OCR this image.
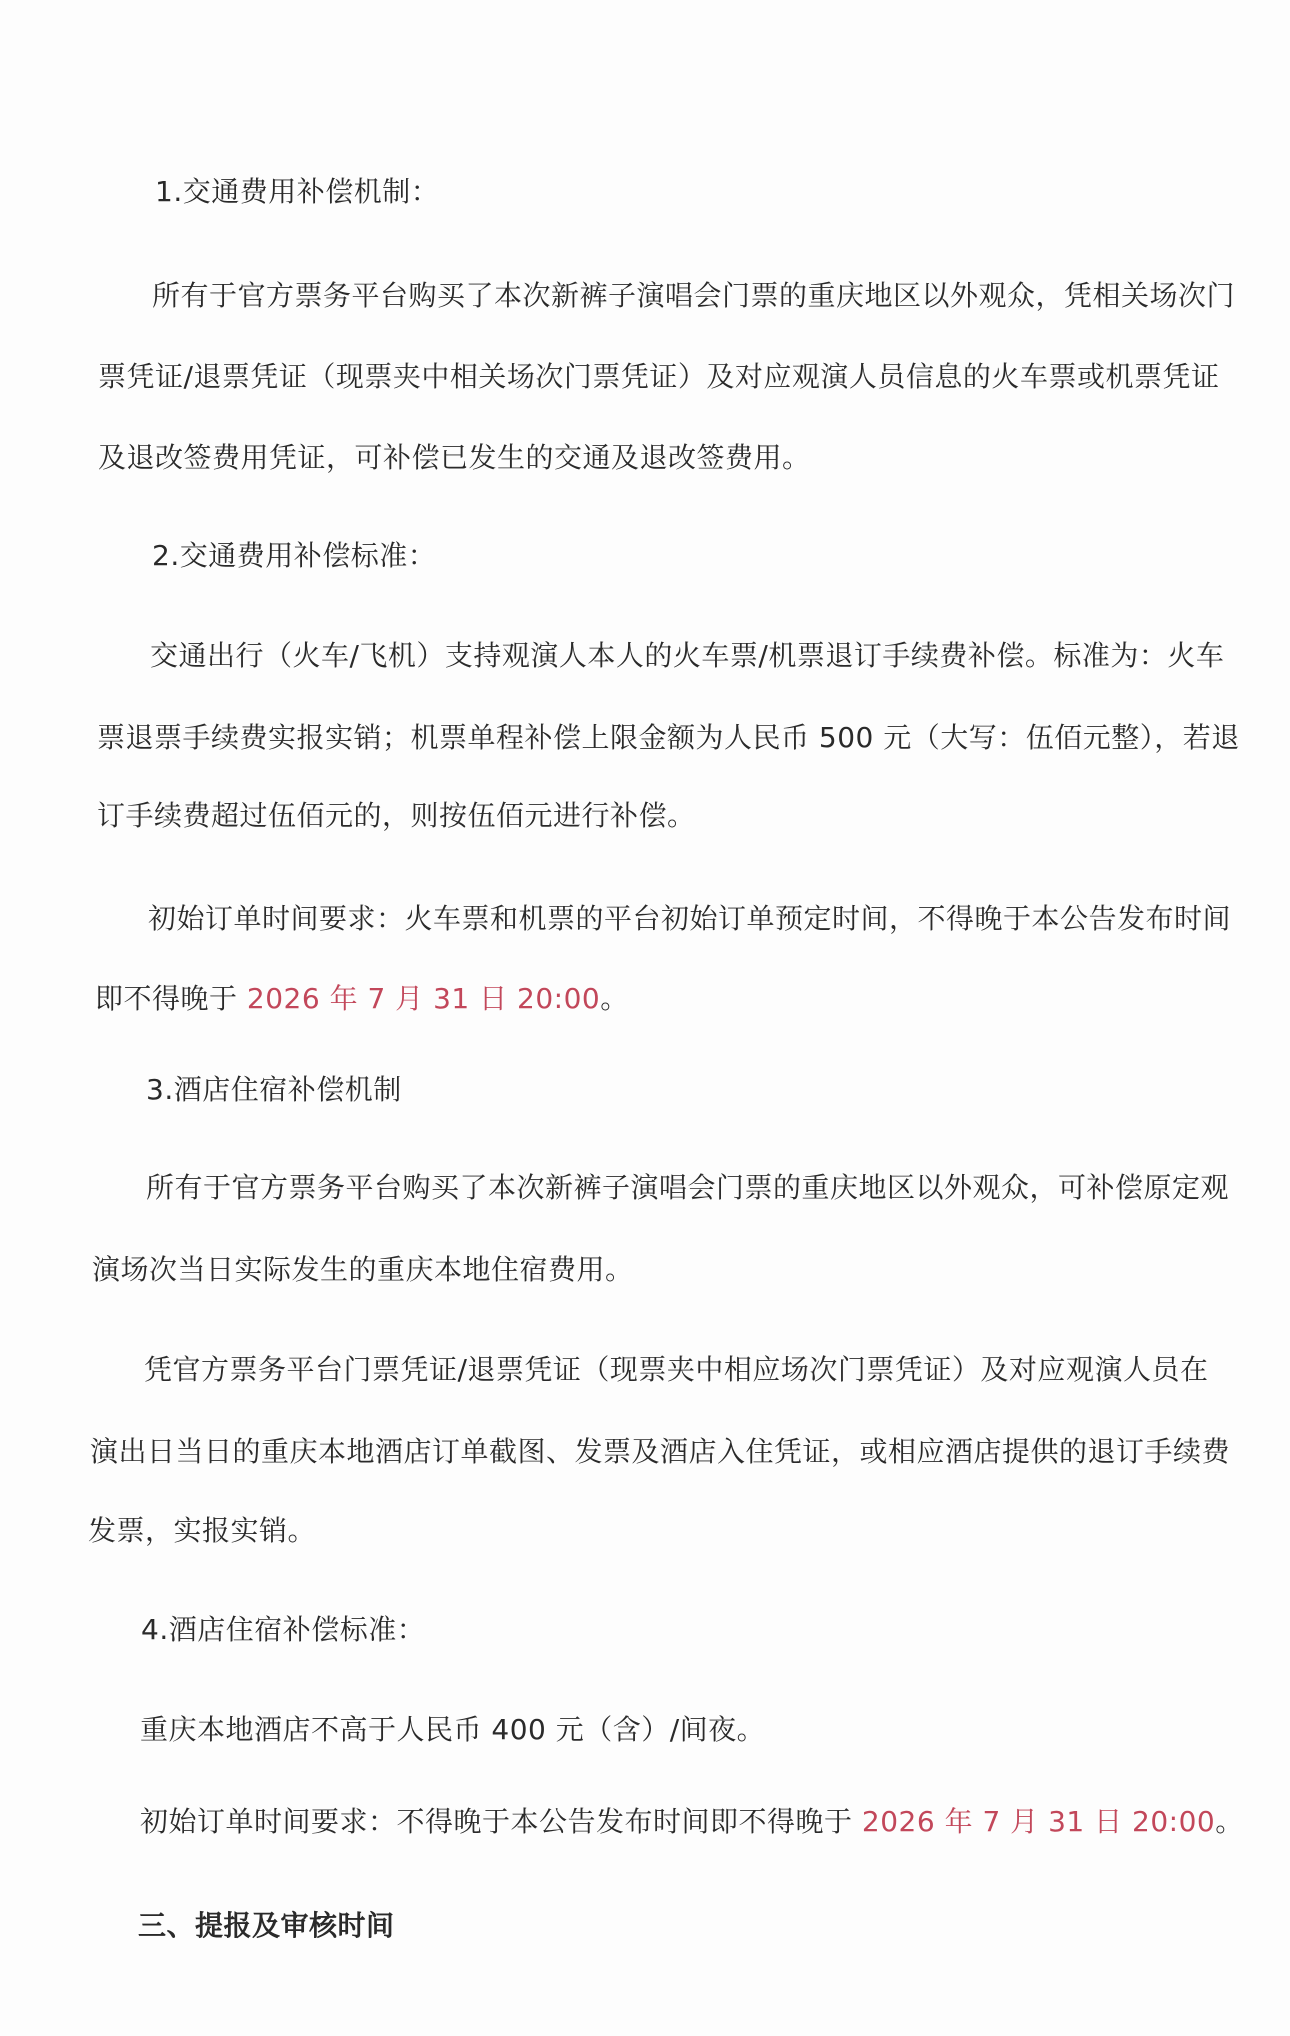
1.交通费用补偿机制：
所有于官方票务平台购买了本次新裤子演唱会门票的重庆地区以外观众，凭相关场次门
票凭证/退票凭证（现票夹中相关场次门票凭证）及对应观演人员信息的火车票或机票凭证
及退改签费用凭证，可补偿已发生的交通及退改签费用。
2.交通费用补偿标准：
交通出行（火车/飞机）支持观演人本人的火车票/机票退订手续费补偿。标准为：火车
票退票手续费实报实销；机票单程补偿上限金额为人民币 500 元（大写：伍佰元整），若退
订手续费超过伍佰元的，则按伍佰元进行补偿。
初始订单时间要求：火车票和机票的平台初始订单预定时间，不得晚于本公告发布时间
即不得晚于 2026 年 7 月 31 日 20:00。
3.酒店住宿补偿机制
所有于官方票务平台购买了本次新裤子演唱会门票的重庆地区以外观众，可补偿原定观
演场次当日实际发生的重庆本地住宿费用。
凭官方票务平台门票凭证/退票凭证（现票夹中相应场次门票凭证）及对应观演人员在
演出日当日的重庆本地酒店订单截图、发票及酒店入住凭证，或相应酒店提供的退订手续费
发票，实报实销。
4.酒店住宿补偿标准：
重庆本地酒店不高于人民币 400 元（含）/间夜。
初始订单时间要求：不得晚于本公告发布时间即不得晚于 2026 年 7 月 31 日 20:00。
三、提报及审核时间
